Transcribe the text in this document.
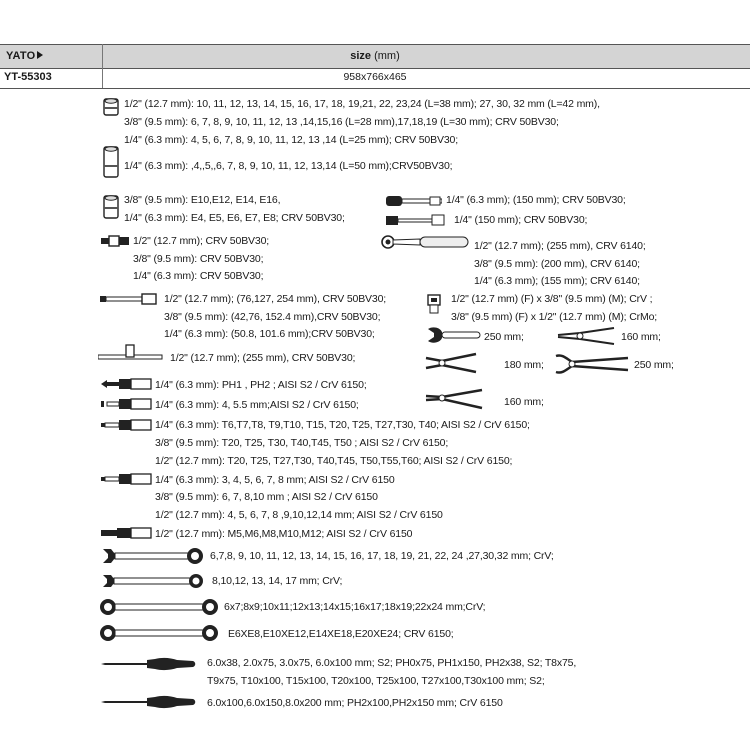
YATO	size (mm)
YT-55303	958x766x465
1/2" (12.7 mm): 10, 11, 12, 13, 14, 15, 16, 17, 18, 19,21, 22, 23,24 (L=38 mm); 27, 30, 32 mm (L=42 mm),
3/8" (9.5 mm): 6, 7, 8, 9, 10, 11, 12, 13 ,14,15,16 (L=28 mm),17,18,19 (L=30 mm); CRV 50BV30;
1/4" (6.3 mm): 4, 5, 6, 7, 8, 9, 10, 11, 12, 13 ,14 (L=25 mm); CRV 50BV30;
1/4" (6.3 mm): ,4,,5,,6, 7, 8, 9, 10, 11, 12, 13,14 (L=50 mm);CRV50BV30;
3/8" (9.5 mm): E10,E12, E14, E16,
1/4" (6.3 mm): E4, E5, E6, E7, E8; CRV 50BV30;
1/4" (6.3 mm); (150 mm); CRV 50BV30;
1/4" (150 mm); CRV 50BV30;
1/2" (12.7 mm); CRV 50BV30;
3/8" (9.5 mm): CRV 50BV30;
1/4" (6.3 mm): CRV 50BV30;
1/2" (12.7 mm); (255 mm), CRV 6140;
3/8" (9.5 mm): (200 mm), CRV 6140;
1/4" (6.3 mm); (155 mm); CRV 6140;
1/2" (12.7 mm); (76,127, 254 mm), CRV 50BV30;
3/8" (9.5 mm): (42,76, 152.4 mm),CRV 50BV30;
1/4" (6.3 mm): (50.8, 101.6 mm);CRV 50BV30;
1/2" (12.7 mm) (F) x 3/8" (9.5 mm) (M); CrV ;
3/8" (9.5 mm) (F) x 1/2" (12.7 mm) (M); CrMo;
250 mm;	160 mm;
1/2" (12.7 mm); (255 mm), CRV 50BV30;
180 mm;	250 mm;
1/4" (6.3 mm): PH1 , PH2 ; AISI S2 / CrV 6150;
160 mm;
1/4" (6.3 mm): 4, 5.5 mm;AISI S2 / CrV 6150;
1/4" (6.3 mm): T6,T7,T8, T9,T10, T15, T20, T25, T27,T30, T40; AISI S2 / CrV 6150;
3/8" (9.5 mm): T20, T25, T30, T40,T45, T50 ; AISI S2 / CrV 6150;
1/2" (12.7 mm): T20, T25, T27,T30, T40,T45, T50,T55,T60; AISI S2 / CrV 6150;
1/4" (6.3 mm): 3, 4, 5, 6, 7, 8 mm; AISI S2 / CrV 6150
3/8" (9.5 mm): 6, 7, 8,10 mm ; AISI S2 / CrV 6150
1/2" (12.7 mm): 4, 5, 6, 7, 8 ,9,10,12,14 mm; AISI S2 / CrV 6150
1/2" (12.7 mm): M5,M6,M8,M10,M12; AISI S2 / CrV 6150
6,7,8, 9, 10, 11, 12, 13, 14, 15, 16, 17, 18, 19, 21, 22, 24 ,27,30,32 mm; CrV;
8,10,12, 13, 14, 17 mm; CrV;
6x7;8x9;10x11;12x13;14x15;16x17;18x19;22x24 mm;CrV;
E6XE8,E10XE12,E14XE18,E20XE24; CRV 6150;
6.0x38, 2.0x75, 3.0x75, 6.0x100 mm; S2; PH0x75, PH1x150, PH2x38, S2; T8x75,
T9x75, T10x100, T15x100, T20x100, T25x100, T27x100,T30x100 mm; S2;
6.0x100,6.0x150,8.0x200 mm; PH2x100,PH2x150 mm; CrV 6150
